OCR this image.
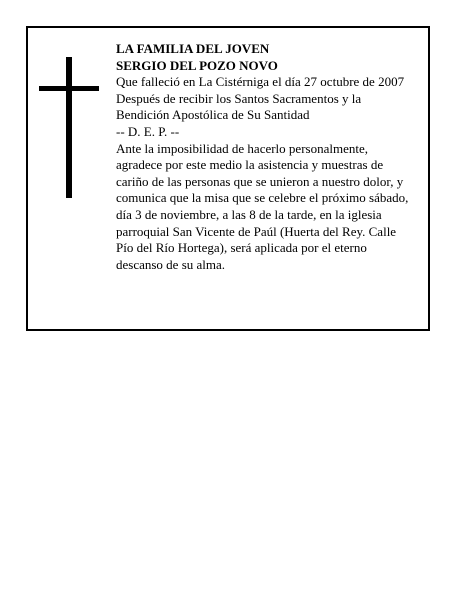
LA FAMILIA DEL JOVEN
SERGIO DEL POZO NOVO
Que falleció en La Cistérniga el día 27 octubre de 2007
Después de recibir los Santos Sacramentos y la
Bendición Apostólica de Su Santidad
-- D. E. P. --
Ante la imposibilidad de hacerlo personalmente,
agradece por este medio la asistencia y muestras de
cariño de las personas que se unieron a nuestro dolor, y
comunica que la misa que se celebre el próximo sábado,
día 3 de noviembre, a las 8 de la tarde, en la iglesia
parroquial San Vicente de Paúl (Huerta del Rey. Calle
Pío del Río Hortega), será aplicada por el eterno
descanso de su alma.
